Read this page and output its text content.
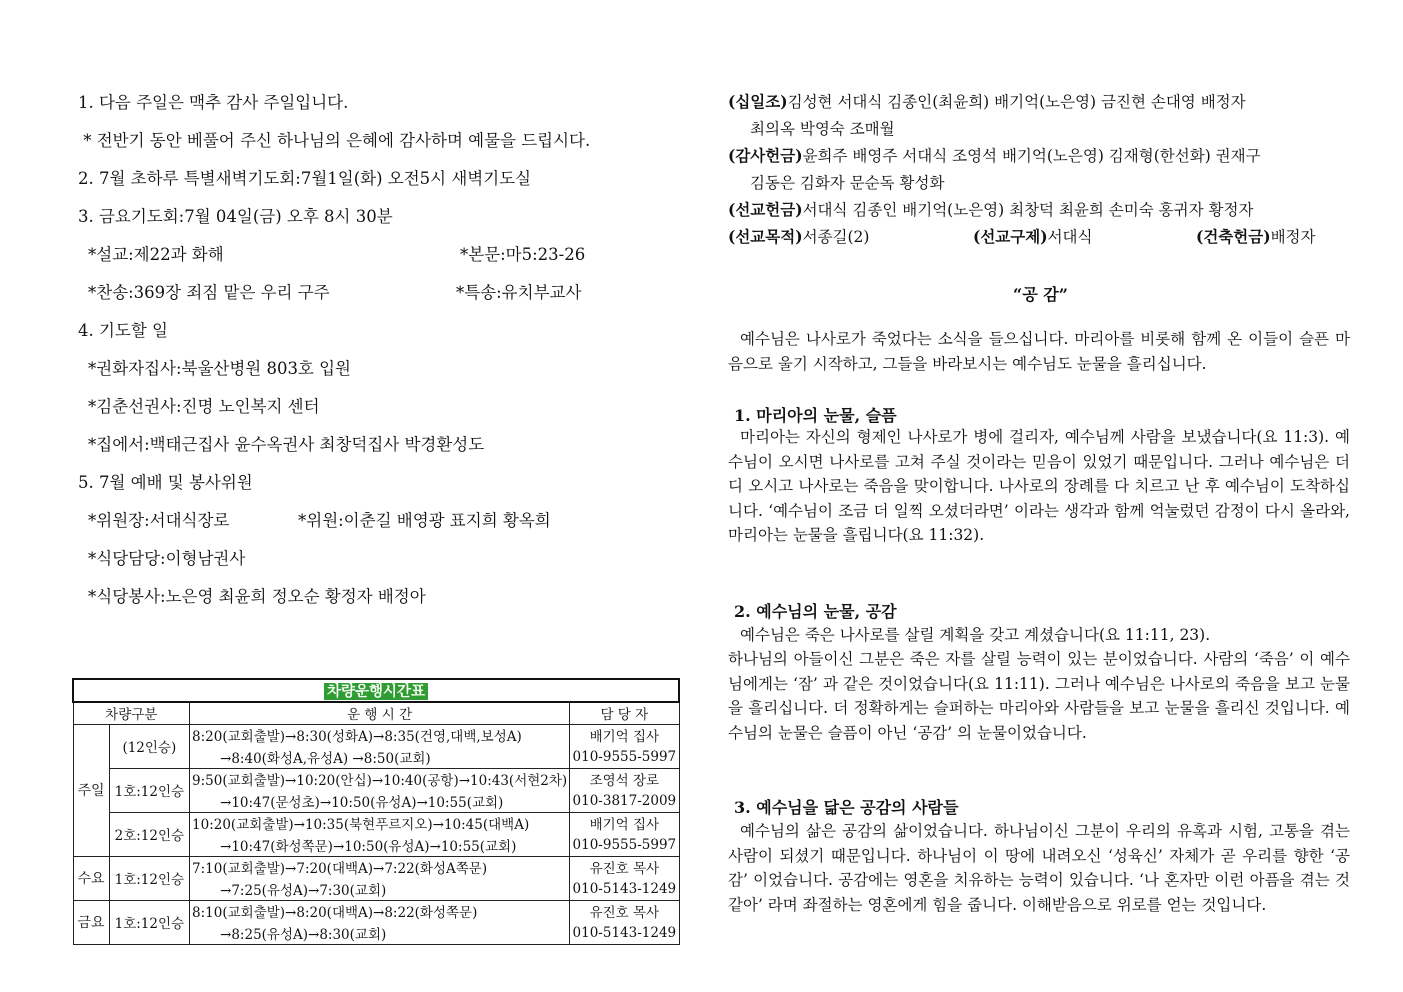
1. 다음 주일은 맥추 감사 주일입니다.
* 전반기 동안 베풀어 주신 하나님의 은혜에 감사하며 예물을 드립시다.
2. 7월 초하루 특별새벽기도회:7월1일(화) 오전5시 새벽기도실
3. 금요기도회:7월 04일(금) 오후 8시 30분
*설교:제22과 화해	*본문:마5:23-26
*찬송:369장 죄짐 맡은 우리 구주	*특송:유치부교사
4. 기도할 일
*권화자집사:북울산병원 803호 입원
*김춘선권사:진명 노인복지 센터
*집에서:백태근집사 윤수옥권사 최창덕집사 박경환성도
5. 7월 예배 및 봉사위원
*위원장:서대식장로	*위원:이춘길 배영광 표지희 황옥희
*식당담당:이형남권사
*식당봉사:노은영 최윤희 정오순 황정자 배정아
차량운행시간표			
차량구분		운 행 시 간	담 당 자
주일	(12인승)	8:20(교회출발)→8:30(성화A)→8:35(건영,대백,보성A)	배기억 집사
		→8:40(화성A,유성A) →8:50(교회)	010-9555-5997
	1호:12인승	9:50(교회출발)→10:20(안십)→10:40(공항)→10:43(서현2차)	조영석 장로
		→10:47(문성초)→10:50(유성A)→10:55(교회)	010-3817-2009
	2호:12인승	10:20(교회출발)→10:35(북현푸르지오)→10:45(대백A)	배기억 집사
		→10:47(화성쪽문)→10:50(유성A)→10:55(교회)	010-9555-5997
수요	1호:12인승	7:10(교회출발)→7:20(대백A)→7:22(화성A쪽문)	유진호 목사
		→7:25(유성A)→7:30(교회)	010-5143-1249
금요	1호:12인승	8:10(교회출발)→8:20(대백A)→8:22(화성쪽문)	유진호 목사
		→8:25(유성A)→8:30(교회)	010-5143-1249
(십일조)김성현 서대식 김종인(최윤희) 배기억(노은영) 금진현 손대영 배정자
최의옥 박영숙 조매월
(감사헌금)윤희주 배영주 서대식 조영석 배기억(노은영) 김재형(한선화) 권재구
김동은 김화자 문순독 황성화
(선교헌금)서대식 김종인 배기억(노은영) 최창덕 최윤희 손미숙 홍귀자 황정자
(선교목적)서종길(2)	(선교구제)서대식	(건축헌금)배정자
“공 감”
예수님은 나사로가 죽었다는 소식을 들으십니다. 마리아를 비롯해 함께 온 이들이 슬픈 마음으로 울기 시작하고, 그들을 바라보시는 예수님도 눈물을 흘리십니다.
1. 마리아의 눈물, 슬픔
마리아는 자신의 형제인 나사로가 병에 걸리자, 예수님께 사람을 보냈습니다(요 11:3). 예수님이 오시면 나사로를 고쳐 주실 것이라는 믿음이 있었기 때문입니다. 그러나 예수님은 더디 오시고 나사로는 죽음을 맞이합니다. 나사로의 장례를 다 치르고 난 후 예수님이 도착하십니다. ‘예수님이 조금 더 일찍 오셨더라면’ 이라는 생각과 함께 억눌렀던 감정이 다시 올라와, 마리아는 눈물을 흘립니다(요 11:32).
2. 예수님의 눈물, 공감
예수님은 죽은 나사로를 살릴 계획을 갖고 계셨습니다(요 11:11, 23).
하나님의 아들이신 그분은 죽은 자를 살릴 능력이 있는 분이었습니다. 사람의 ‘죽음’ 이 예수님에게는 ‘잠’ 과 같은 것이었습니다(요 11:11). 그러나 예수님은 나사로의 죽음을 보고 눈물을 흘리십니다. 더 정확하게는 슬퍼하는 마리아와 사람들을 보고 눈물을 흘리신 것입니다. 예수님의 눈물은 슬픔이 아닌 ‘공감’ 의 눈물이었습니다.
3. 예수님을 닮은 공감의 사람들
예수님의 삶은 공감의 삶이었습니다. 하나님이신 그분이 우리의 유혹과 시험, 고통을 겪는 사람이 되셨기 때문입니다. 하나님이 이 땅에 내려오신 ‘성육신’ 자체가 곧 우리를 향한 ‘공감’ 이었습니다. 공감에는 영혼을 치유하는 능력이 있습니다. ‘나 혼자만 이런 아픔을 겪는 것 같아’ 라며 좌절하는 영혼에게 힘을 줍니다. 이해받음으로 위로를 얻는 것입니다.
